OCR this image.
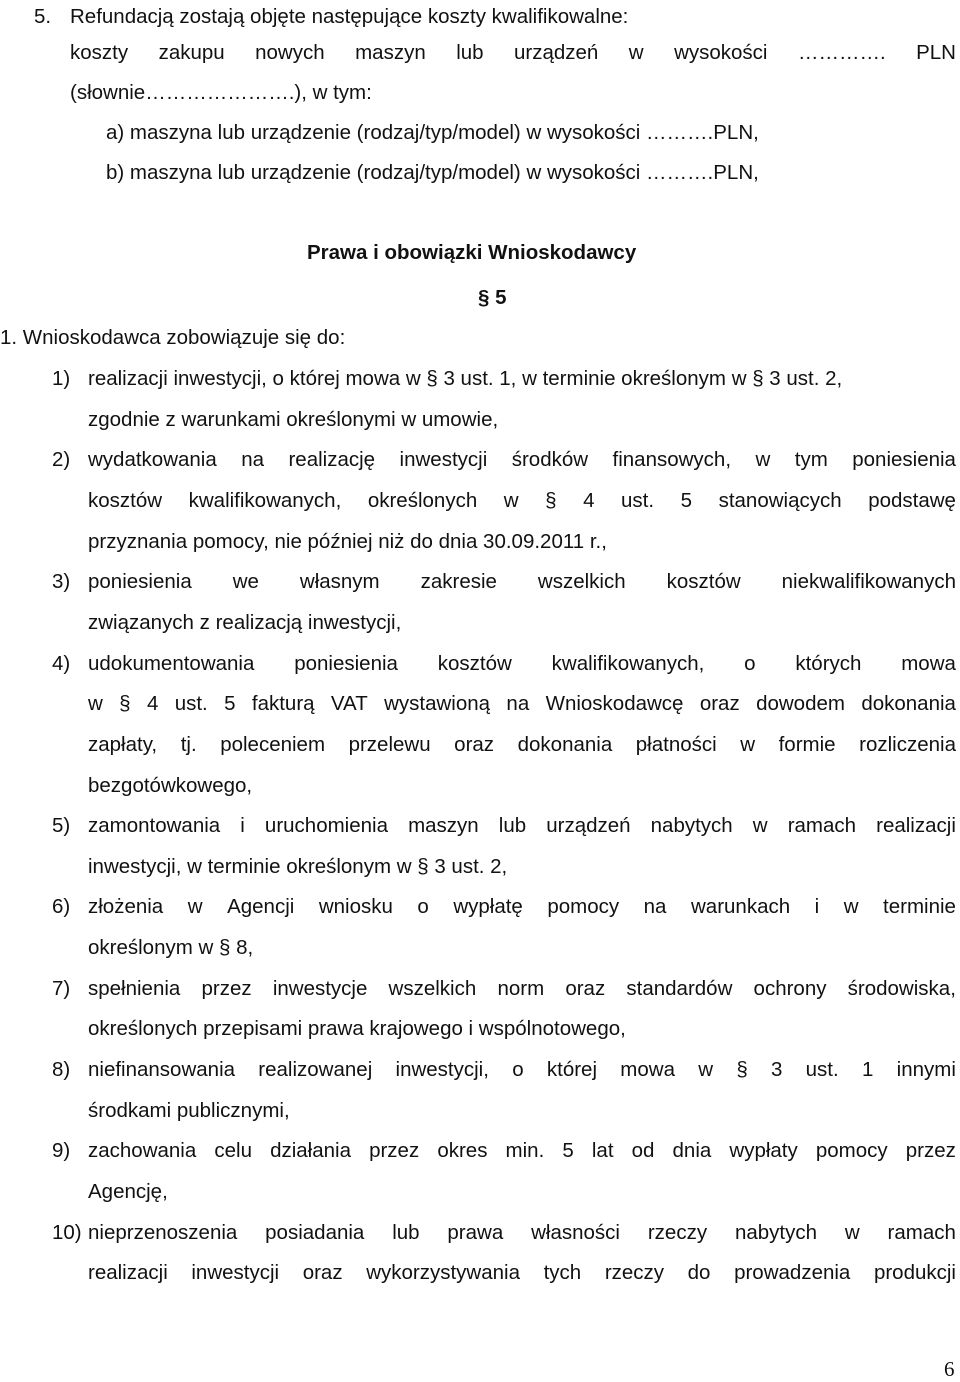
5. Refundacją zostają objęte następujące koszty kwalifikowalne:
koszty zakupu nowych maszyn lub urządzeń w wysokości …………. PLN
(słownie………………….), w tym:
a) maszyna lub urządzenie (rodzaj/typ/model) w wysokości ……….PLN,
b) maszyna lub urządzenie (rodzaj/typ/model) w wysokości ……….PLN,
Prawa i obowiązki Wnioskodawcy
§ 5
1. Wnioskodawca zobowiązuje się do:
1) realizacji inwestycji, o której mowa w § 3 ust. 1, w terminie określonym w § 3 ust. 2,
zgodnie z warunkami określonymi w umowie,
2) wydatkowania na realizację inwestycji środków finansowych, w tym poniesienia
kosztów kwalifikowanych, określonych w § 4 ust. 5 stanowiących podstawę
przyznania pomocy, nie później niż do dnia 30.09.2011 r.,
3) poniesienia we własnym zakresie wszelkich kosztów niekwalifikowanych
związanych z realizacją inwestycji,
4) udokumentowania poniesienia kosztów kwalifikowanych, o których mowa
w § 4 ust. 5 fakturą VAT wystawioną na Wnioskodawcę oraz dowodem dokonania
zapłaty, tj. poleceniem przelewu oraz dokonania płatności w formie rozliczenia
bezgotówkowego,
5) zamontowania i uruchomienia maszyn lub urządzeń nabytych w ramach realizacji
inwestycji, w terminie określonym w § 3 ust. 2,
6) złożenia w Agencji wniosku o wypłatę pomocy na warunkach i w terminie
określonym w § 8,
7) spełnienia przez inwestycje wszelkich norm oraz standardów ochrony środowiska,
określonych przepisami prawa krajowego i wspólnotowego,
8) niefinansowania realizowanej inwestycji, o której mowa w § 3 ust. 1 innymi
środkami publicznymi,
9) zachowania celu działania przez okres min. 5 lat od dnia wypłaty pomocy przez
Agencję,
10) nieprzenoszenia posiadania lub prawa własności rzeczy nabytych w ramach
realizacji inwestycji oraz wykorzystywania tych rzeczy do prowadzenia produkcji
6
